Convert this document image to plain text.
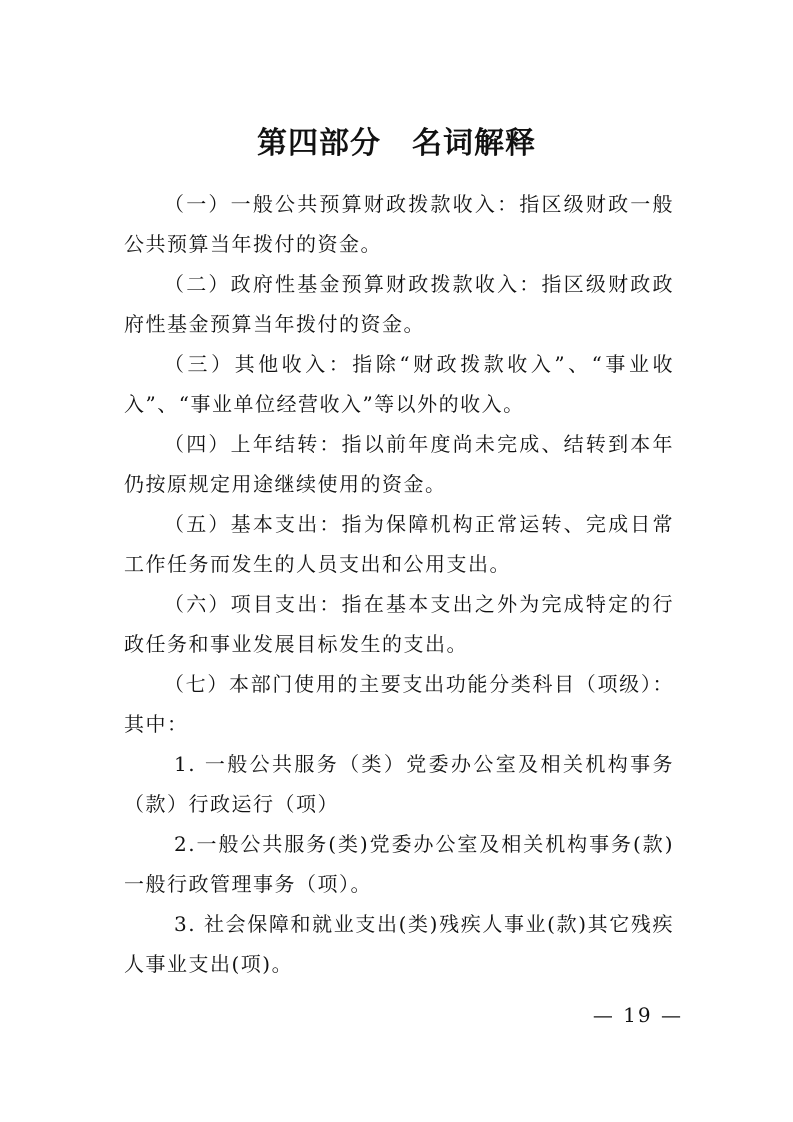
第四部分　名词解释

（一）一般公共预算财政拨款收入：指区级财政一般公共预算当年拨付的资金。

（二）政府性基金预算财政拨款收入：指区级财政政府性基金预算当年拨付的资金。

（三）其他收入：指除“财政拨款收入”、“事业收入”、“事业单位经营收入”等以外的收入。

（四）上年结转：指以前年度尚未完成、结转到本年仍按原规定用途继续使用的资金。

（五）基本支出：指为保障机构正常运转、完成日常工作任务而发生的人员支出和公用支出。

（六）项目支出：指在基本支出之外为完成特定的行政任务和事业发展目标发生的支出。

（七）本部门使用的主要支出功能分类科目（项级）：其中：

1. 一般公共服务（类）党委办公室及相关机构事务（款）行政运行（项）

2.一般公共服务(类)党委办公室及相关机构事务(款)一般行政管理事务（项）。

3. 社会保障和就业支出(类)残疾人事业(款)其它残疾人事业支出(项)。

— 19 —
